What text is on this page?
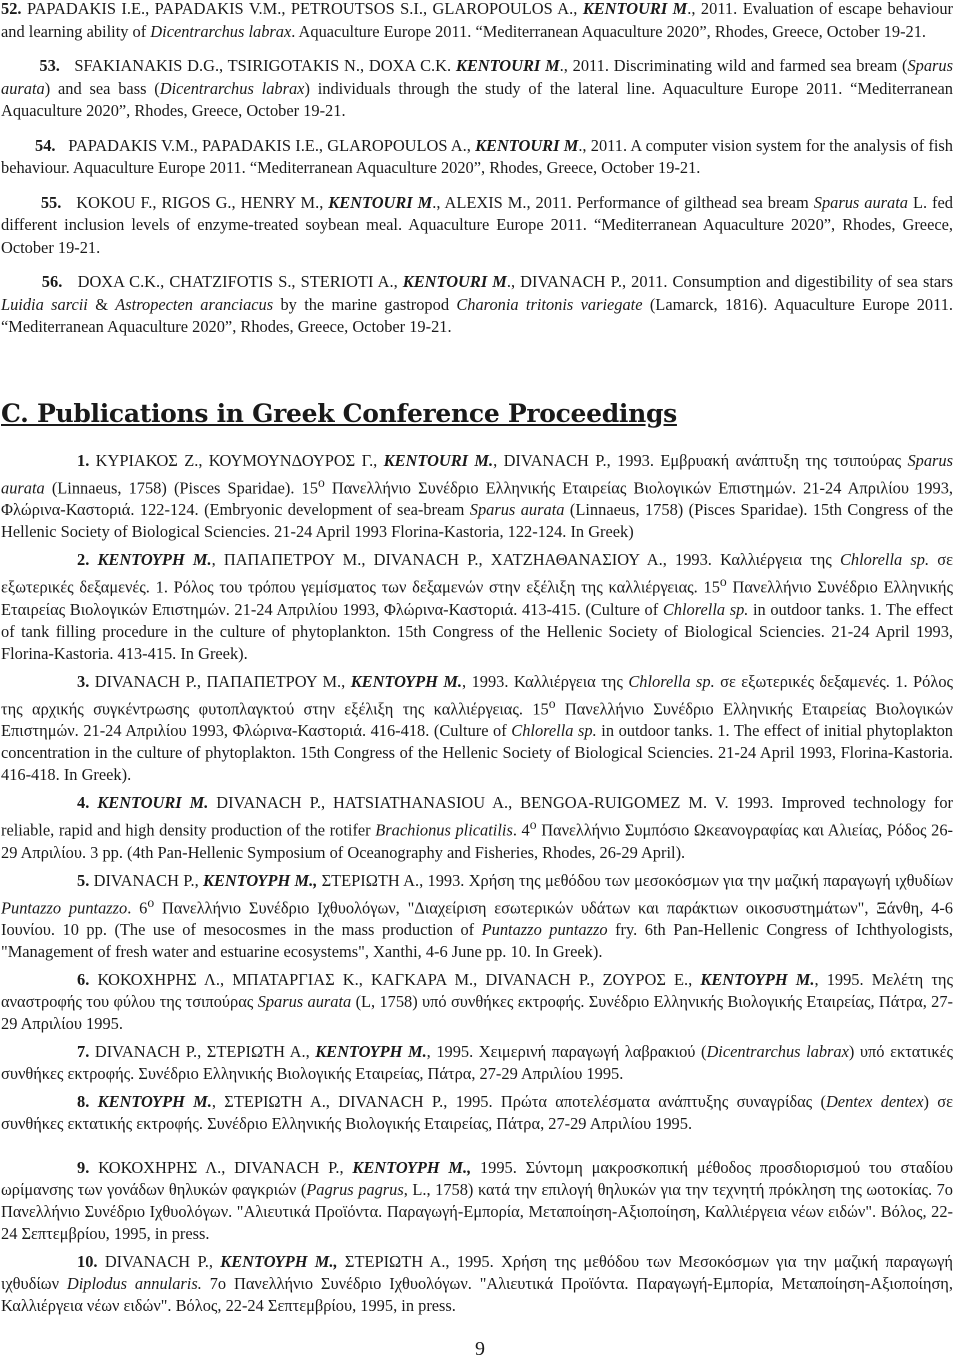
52. PAPADAKIS I.E., PAPADAKIS V.M., PETROUTSOS S.I., GLAROPOULOS A., KENTOURI M., 2011. Evaluation of escape behaviour and learning ability of Dicentrarchus labrax. Aquaculture Europe 2011. “Mediterranean Aquaculture 2020”, Rhodes, Greece, October 19-21.

53. SFAKIANAKIS D.G., TSIRIGOTAKIS N., DOXA C.K. KENTOURI M., 2011. Discriminating wild and farmed sea bream (Sparus aurata) and sea bass (Dicentrarchus labrax) individuals through the study of the lateral line. Aquaculture Europe 2011. “Mediterranean Aquaculture 2020”, Rhodes, Greece, October 19-21.

54. PAPADAKIS V.M., PAPADAKIS I.E., GLAROPOULOS A., KENTOURI M., 2011. A computer vision system for the analysis of fish behaviour. Aquaculture Europe 2011. “Mediterranean Aquaculture 2020”, Rhodes, Greece, October 19-21.

55. KOKOU F., RIGOS G., HENRY M., KENTOURI M., ALEXIS M., 2011. Performance of gilthead sea bream Sparus aurata L. fed different inclusion levels of enzyme-treated soybean meal. Aquaculture Europe 2011. “Mediterranean Aquaculture 2020”, Rhodes, Greece, October 19-21.

56. DOXA C.K., CHATZIFOTIS S., STERIOTI A., KENTOURI M., DIVANACH P., 2011. Consumption and digestibility of sea stars Luidia sarcii & Astropecten aranciacus by the marine gastropod Charonia tritonis variegate (Lamarck, 1816). Aquaculture Europe 2011. “Mediterranean Aquaculture 2020”, Rhodes, Greece, October 19-21.

C. Publications in Greek Conference Proceedings

1. ΚΥΡΙΑΚΟΣ Ζ., ΚΟΥΜΟΥΝΔΟΥΡΟΣ Γ., KENTOURI M., DIVANACH P., 1993. Εμβρυακή ανάπτυξη της τσιπούρας Sparus aurata (Linnaeus, 1758) (Pisces Sparidae). $15^o$ Πανελλήνιο Συνέδριο Ελληνικής Εταιρείας Βιολογικών Επιστημών. 21-24 Απριλίου 1993, Φλώρινα-Καστοριά. 122-124. (Embryonic development of sea-bream Sparus aurata (Linnaeus, 1758) (Pisces Sparidae). 15th Congress of the Hellenic Society of Biological Sciencies. 21-24 April 1993 Florina-Kastoria, 122-124. In Greek)

2. ΚΕΝΤΟΥΡΗ Μ., ΠΑΠΑΠΕΤΡΟΥ Μ., DIVANACH P., ΧΑΤΖΗΑΘΑΝΑΣΙΟΥ Α., 1993. Καλλιέργεια της Chlorella sp. σε εξωτερικές δεξαμενές. 1. Ρόλος του τρόπου γεμίσματος των δεξαμενών στην εξέλιξη της καλλιέργειας. $15^o$ Πανελλήνιο Συνέδριο Ελληνικής Εταιρείας Βιολογικών Επιστημών. 21-24 Απριλίου 1993, Φλώρινα-Καστοριά. 413-415. (Culture of Chlorella sp. in outdoor tanks. 1. The effect of tank filling procedure in the culture of phytoplankton. 15th Congress of the Hellenic Society of Biological Sciencies. 21-24 April 1993, Florina-Kastoria. 413-415. In Greek).

3. DIVANACH P., ΠΑΠΑΠΕΤΡΟΥ Μ., ΚΕΝΤΟΥΡΗ Μ., 1993. Καλλιέργεια της Chlorella sp. σε εξωτερικές δεξαμενές. 1. Ρόλος της αρχικής συγκέντρωσης φυτοπλαγκτού στην εξέλιξη της καλλιέργειας. $15^o$ Πανελλήνιο Συνέδριο Ελληνικής Εταιρείας Βιολογικών Επιστημών. 21-24 Απριλίου 1993, Φλώρινα-Καστοριά. 416-418. (Culture of Chlorella sp. in outdoor tanks. 1. The effect of initial phytoplakton concentration in the culture of phytoplakton. 15th Congress of the Hellenic Society of Biological Sciencies. 21-24 April 1993, Florina-Kastoria. 416-418. In Greek).

4. KENTOURI M. DIVANACH P., HATSIATHANASIOU A., BENGOA-RUIGOMEZ M. V. 1993. Improved technology for reliable, rapid and high density production of the rotifer Brachionus plicatilis. $4^o$ Πανελλήνιο Συμπόσιο Ωκεανογραφίας και Αλιείας, Ρόδος 26-29 Απριλίου. 3 pp. (4th Pan-Hellenic Symposium of Oceanography and Fisheries, Rhodes, 26-29 April).

5. DIVANACH P., ΚΕΝΤΟΥΡΗ Μ., ΣΤΕΡΙΩΤΗ Α., 1993. Χρήση της μεθόδου των μεσοκόσμων για την μαζική παραγωγή ιχθυδίων Puntazzo puntazzo. $6^o$ Πανελλήνιο Συνέδριο Ιχθυολόγων, "Διαχείριση εσωτερικών υδάτων και παράκτιων οικοσυστημάτων", Ξάνθη, 4-6 Ιουνίου. 10 pp. (The use of mesocosmes in the mass production of Puntazzo puntazzo fry. 6th Pan-Hellenic Congress of Ichthyologists, "Management of fresh water and estuarine ecosystems", Xanthi, 4-6 June pp. 10. In Greek).

6. ΚΟΚΟΧΗΡΗΣ Λ., ΜΠΑΤΑΡΓΙΑΣ Κ., ΚΑΓΚΑΡΑ Μ., DIVANACH P., ΖΟΥΡΟΣ Ε., ΚΕΝΤΟΥΡΗ Μ., 1995. Μελέτη της αναστροφής του φύλου της τσιπούρας Sparus aurata (L, 1758) υπό συνθήκες εκτροφής. Συνέδριο Ελληνικής Βιολογικής Εταιρείας, Πάτρα, 27-29 Απριλίου 1995.

7. DIVANACH P., ΣΤΕΡΙΩΤΗ Α., ΚΕΝΤΟΥΡΗ Μ., 1995. Χειμερινή παραγωγή λαβρακιού (Dicentrarchus labrax) υπό εκτατικές συνθήκες εκτροφής. Συνέδριο Ελληνικής Βιολογικής Εταιρείας, Πάτρα, 27-29 Απριλίου 1995.

8. ΚΕΝΤΟΥΡΗ Μ., ΣΤΕΡΙΩΤΗ Α., DIVANACH P., 1995. Πρώτα αποτελέσματα ανάπτυξης συναγρίδας (Dentex dentex) σε συνθήκες εκτατικής εκτροφής. Συνέδριο Ελληνικής Βιολογικής Εταιρείας, Πάτρα, 27-29 Απριλίου 1995.

9. ΚΟΚΟΧΗΡΗΣ Λ., DIVANACH P., ΚΕΝΤΟΥΡΗ Μ., 1995. Σύντομη μακροσκοπική μέθοδος προσδιορισμού του σταδίου ωρίμανσης των γονάδων θηλυκών φαγκριών (Pagrus pagrus, L., 1758) κατά την επιλογή θηλυκών για την τεχνητή πρόκληση της ωοτοκίας. 7ο Πανελλήνιο Συνέδριο Ιχθυολόγων. "Αλιευτικά Προϊόντα. Παραγωγή-Εμπορία, Μεταποίηση-Αξιοποίηση, Καλλιέργεια νέων ειδών". Βόλος, 22-24 Σεπτεμβρίου, 1995, in press.

10. DIVANACH P., ΚΕΝΤΟΥΡΗ Μ., ΣΤΕΡΙΩΤΗ Α., 1995. Χρήση της μεθόδου των Μεσοκόσμων για την μαζική παραγωγή ιχθυδίων Diplodus annularis. 7ο Πανελλήνιο Συνέδριο Ιχθυολόγων. "Αλιευτικά Προϊόντα. Παραγωγή-Εμπορία, Μεταποίηση-Αξιοποίηση, Καλλιέργεια νέων ειδών". Βόλος, 22-24 Σεπτεμβρίου, 1995, in press.

9
